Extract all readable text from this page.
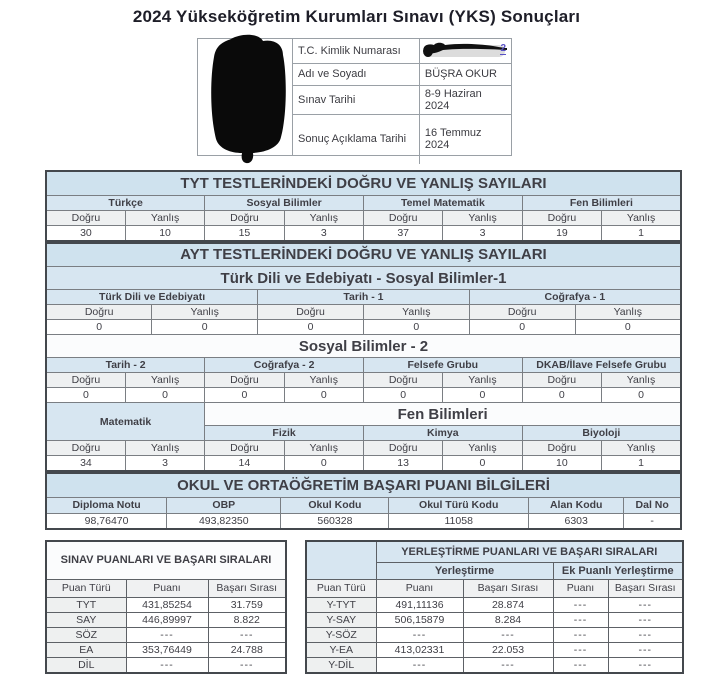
2024 Yükseköğretim Kurumları Sınavı (YKS) Sonuçları
T.C. Kimlik Numarası	2

Adı ve Soyadı	BÜŞRA OKUR
Sınav Tarihi	8-9 Haziran 2024
Sonuç Açıklama Tarihi	16 Temmuz 2024
TYT TESTLERİNDEKİ DOĞRU VE YANLIŞ SAYILARI							
Türkçe		Sosyal Bilimler		Temel Matematik		Fen Bilimleri	
Doğru	Yanlış	Doğru	Yanlış	Doğru	Yanlış	Doğru	Yanlış
30	10	15	3	37	3	19	1
AYT TESTLERİNDEKİ DOĞRU VE YANLIŞ SAYILARI											
Türk Dili ve Edebiyatı - Sosyal Bilimler-1											
Türk Dili ve Edebiyatı				Tarih - 1				Coğrafya - 1			
Doğru		Yanlış		Doğru		Yanlış		Doğru		Yanlış	
0		0		0		0		0		0	
Sosyal Bilimler - 2											
Tarih - 2			Coğrafya - 2			Felsefe Grubu			DKAB/İlave Felsefe Grubu		
Doğru	Yanlış		Doğru		Yanlış	Doğru	Yanlış		Doğru		Yanlış
0	0		0		0	0	0		0		0
Matematik			Fen Bilimleri								
			Fizik			Kimya			Biyoloji		
Doğru	Yanlış		Doğru		Yanlış	Doğru	Yanlış		Doğru		Yanlış
34	3		14		0	13	0		10		1
OKUL VE ORTAÖĞRETİM BAŞARI PUANI BİLGİLERİ					
Diploma Notu	OBP	Okul Kodu	Okul Türü Kodu	Alan Kodu	Dal No
98,76470	493,82350	560328	11058	6303	-
SINAV PUANLARI VE BAŞARI SIRALARI		
Puan Türü	Puanı	Başarı Sırası
TYT	431,85254	31.759
SAY	446,89997	8.822
SÖZ	---	---
EA	353,76449	24.788
DİL	---	---
	YERLEŞTİRME PUANLARI VE BAŞARI SIRALARI			
	Yerleştirme		Ek Puanlı Yerleştirme	
Puan Türü	Puanı	Başarı Sırası	Puanı	Başarı Sırası
Y-TYT	491,11136	28.874	---	---
Y-SAY	506,15879	8.284	---	---
Y-SÖZ	---	---	---	---
Y-EA	413,02331	22.053	---	---
Y-DİL	---	---	---	---
